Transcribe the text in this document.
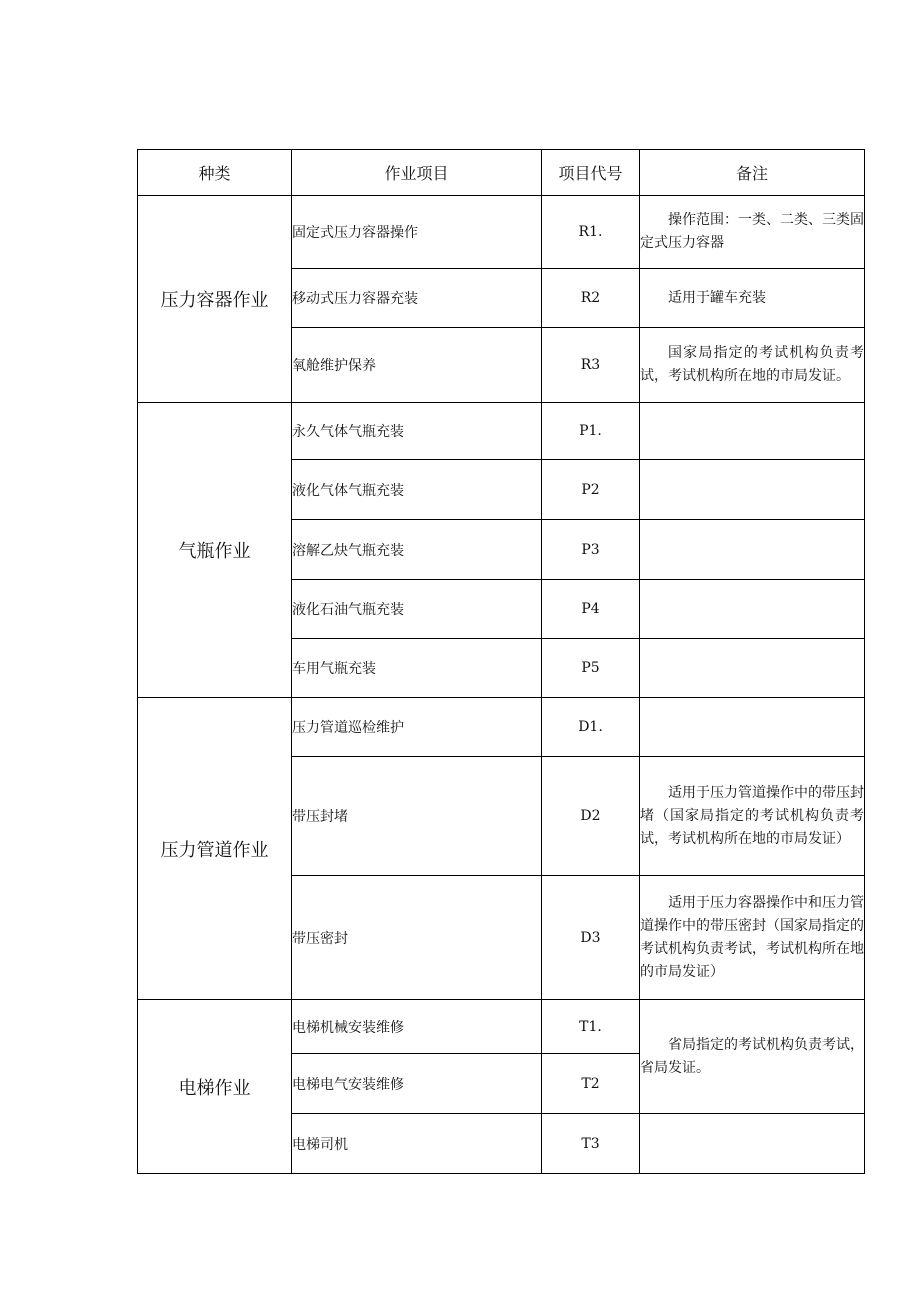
种类	作业项目	项目代号	备注
压力容器作业	固定式压力容器操作	R1.	操作范围：一类、二类、三类固定式压力容器

	移动式压力容器充装	R2	适用于罐车充装

	氧舱维护保养	R3	国家局指定的考试机构负责考试，考试机构所在地的市局发证。

气瓶作业	永久气体气瓶充装	P1.	
	液化气体气瓶充装	P2	
	溶解乙炔气瓶充装	P3	
	液化石油气瓶充装	P4	
	车用气瓶充装	P5	
压力管道作业	压力管道巡检维护	D1.	
	带压封堵	D2	适用于压力管道操作中的带压封堵（国家局指定的考试机构负责考试，考试机构所在地的市局发证）

	带压密封	D3	适用于压力容器操作中和压力管道操作中的带压密封（国家局指定的考试机构负责考试，考试机构所在地的市局发证）

电梯作业	电梯机械安装维修	T1.	省局指定的考试机构负责考试，省局发证。

	电梯电气安装维修	T2	
	电梯司机	T3	
